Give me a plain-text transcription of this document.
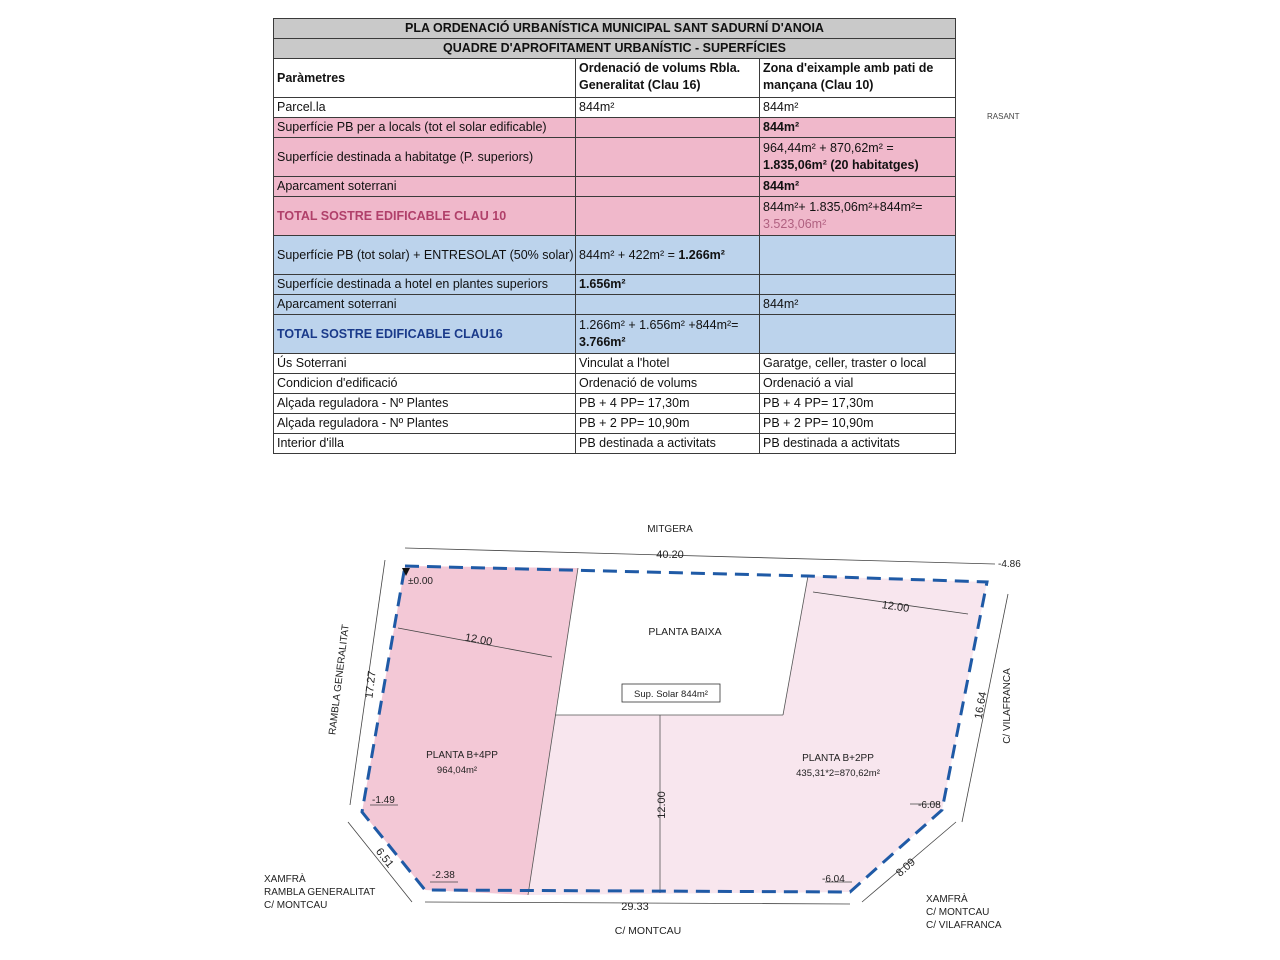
PLA ORDENACIÓ URBANÍSTICA MUNICIPAL SANT SADURNÍ D'ANOIA		
QUADRE D'APROFITAMENT URBANÍSTIC - SUPERFÍCIES		
Paràmetres	Ordenació de volums Rbla. Generalitat (Clau 16)	Zona d'eixample amb pati de mançana (Clau 10)
Parcel.la	844m²	844m²
Superfície PB per a locals (tot el solar edificable)		844m²
Superfície destinada a habitatge (P. superiors)		964,44m² + 870,62m² =
1.835,06m² (20 habitatges)
Aparcament soterrani		844m²
TOTAL SOSTRE EDIFICABLE CLAU 10		844m²+ 1.835,06m²+844m²=
3.523,06m²
Superfície PB (tot solar) + ENTRESOLAT (50% solar)	844m² + 422m² = 1.266m²	
Superfície destinada a hotel en plantes superiors	1.656m²	
Aparcament soterrani		844m²
TOTAL SOSTRE EDIFICABLE CLAU16	1.266m² + 1.656m² +844m²=
3.766m²	
Ús Soterrani	Vinculat a l'hotel	Garatge, celler, traster o local
Condicion d'edificació	Ordenació de volums	Ordenació a vial
Alçada reguladora - Nº Plantes	PB + 4 PP= 17,30m	PB + 4 PP= 17,30m
Alçada reguladora - Nº Plantes	PB + 2 PP= 10,90m	PB + 2 PP= 10,90m
Interior d'illa	PB destinada a activitats	PB destinada a activitats
RASANT
MITGERA
40.20
±0.00
-4.86
12.00
12.00
12.00
PLANTA BAIXA
Sup. Solar 844m²
RAMBLA GENERALITAT 17.27	C/ VILAFRANCA
16.64
PLANTA B+4PP
964,04m²
PLANTA B+2PP
435,31*2=870,62m²
-1.49	-6.08
-2.38	-6.04
6.51	8.09
29.33
C/ MONTCAU
XAMFRÀ
RAMBLA GENERALITAT
C/ MONTCAU
XAMFRÀ
C/ MONTCAU
C/ VILAFRANCA
